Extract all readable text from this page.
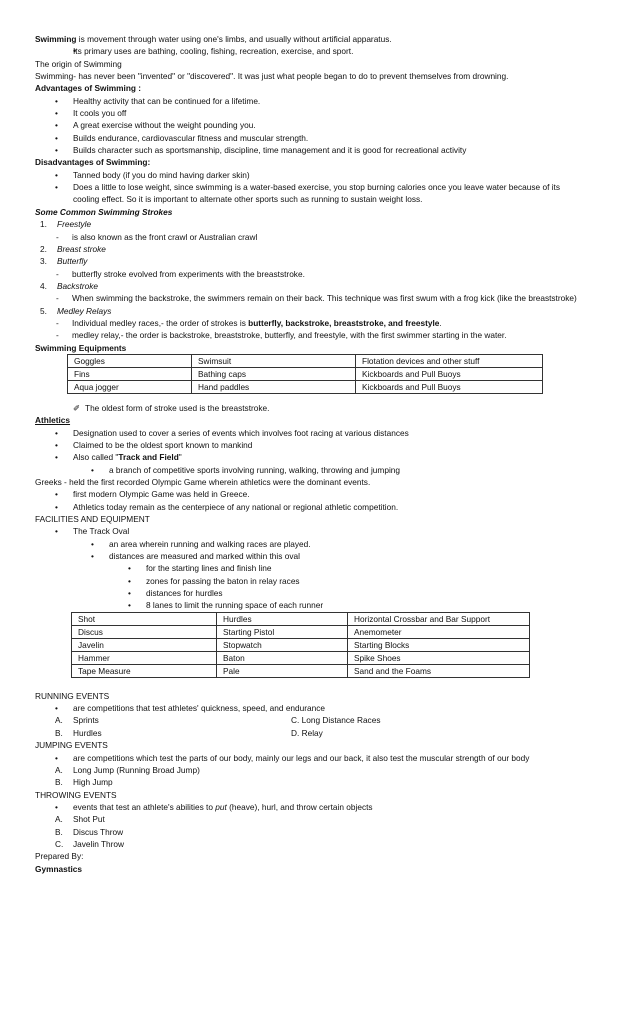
Swimming is movement through water using one's limbs, and usually without artificial apparatus.
• Its primary uses are bathing, cooling, fishing, recreation, exercise, and sport.
The origin of Swimming
Swimming- has never been "invented" or "discovered". It was just what people began to do to prevent themselves from drowning.
Advantages of Swimming :
• Healthy activity that can be continued for a lifetime.
• It cools you off
• A great exercise without the weight pounding you.
• Builds endurance, cardiovascular fitness and muscular strength.
• Builds character such as sportsmanship, discipline, time management and it is good for recreational activity
Disadvantages of Swimming:
• Tanned body (if you do mind having darker skin)
• Does a little to lose weight, since swimming is a water-based exercise, you stop burning calories once you leave water because of its cooling effect. So it is important to alternate other sports such as running to sustain weight loss.
Some Common Swimming Strokes
1. Freestyle
- is also known as the front crawl or Australian crawl
2. Breast stroke
3. Butterfly
- butterfly stroke evolved from experiments with the breaststroke.
4. Backstroke
- When swimming the backstroke, the swimmers remain on their back. This technique was first swum with a frog kick (like the breaststroke)
5. Medley Relays
- Individual medley races,- the order of strokes is butterfly, backstroke, breaststroke, and freestyle.
- medley relay,- the order is backstroke, breaststroke, butterfly, and freestyle, with the first swimmer starting in the water.
Swimming Equipments
Goggles	Swimsuit	Flotation devices and other stuff
Fins	Bathing caps	Kickboards and Pull Buoys
Aqua jogger	Hand paddles	Kickboards and Pull Buoys
✐ The oldest form of stroke used is the breaststroke.
Athletics
• Designation used to cover a series of events which involves foot racing at various distances
• Claimed to be the oldest sport known to mankind
• Also called "Track and Field"
• a branch of competitive sports involving running, walking, throwing and jumping
Greeks - held the first recorded Olympic Game wherein athletics were the dominant events.
• first modern Olympic Game was held in Greece.
• Athletics today remain as the centerpiece of any national or regional athletic competition.
FACILITIES AND EQUIPMENT
• The Track Oval
• an area wherein running and walking races are played.
• distances are measured and marked within this oval
• for the starting lines and finish line
• zones for passing the baton in relay races
• distances for hurdles
• 8 lanes to limit the running space of each runner
Shot	Hurdles	Horizontal Crossbar and Bar Support
Discus	Starting Pistol	Anemometer
Javelin	Stopwatch	Starting Blocks
Hammer	Baton	Spike Shoes
Tape Measure	Pale	Sand and the Foams
RUNNING EVENTS
• are competitions that test athletes' quickness, speed, and endurance
A. Sprints	C. Long Distance Races
B. Hurdles	D. Relay
JUMPING EVENTS
• are competitions which test the parts of our body, mainly our legs and our back, it also test the muscular strength of our body
A. Long Jump (Running Broad Jump)
B. High Jump
THROWING EVENTS
• events that test an athlete's abilities to put (heave), hurl, and throw certain objects
A. Shot Put
B. Discus Throw
C. Javelin Throw
Prepared By:
Gymnastics
